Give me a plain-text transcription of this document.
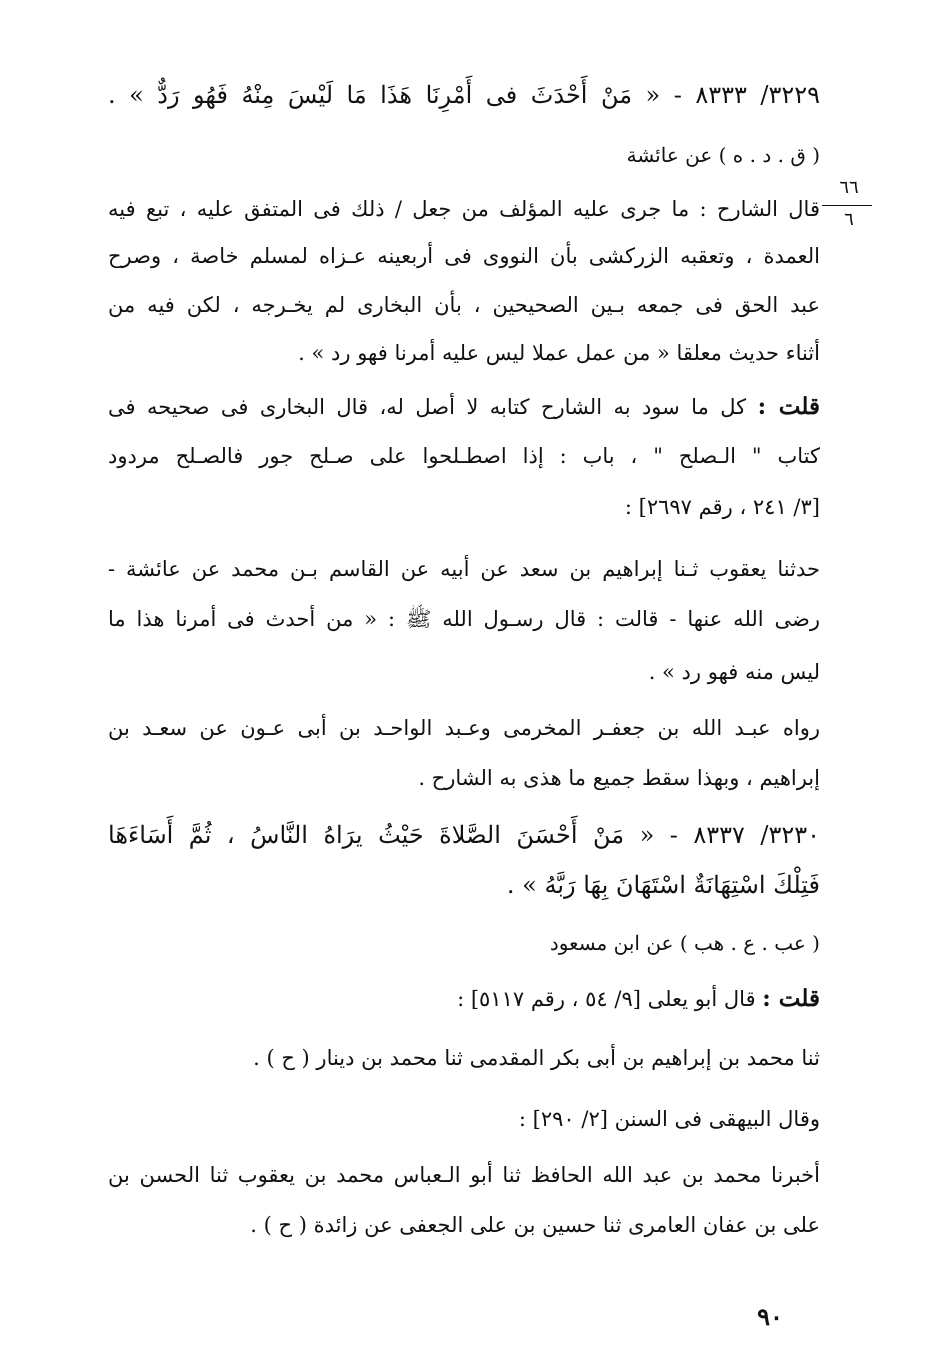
٣٢٢٩/ ٨٣٣٣ - « مَنْ أَحْدَثَ فى أَمْرِنَا هَذَا مَا لَيْسَ مِنْهُ فَهُو رَدٌّ » .
( ق . د . ه ) عن عائشة
٦٦
٦
قال الشارح : ما جرى عليه المؤلف من جعل / ذلك فى المتفق عليه ، تبع فيه
العمدة ، وتعقبه الزركشى بأن النووى فى أربعينه عـزاه لمسلم خاصة ، وصرح
عبد الحق فى جمعه بـين الصحيحين ، بأن البخارى لم يخـرجه ، لكن فيه من
أثناء حديث معلقا « من عمل عملا ليس عليه أمرنا فهو رد » .
قلت : كل ما سود به الشارح كتابه لا أصل له، قال البخارى فى صحيحه فى
كتاب " الـصلح " ، باب : إذا اصطـلحوا على صـلح جور فالصـلح مردود
[٣/ ٢٤١ ، رقم ٢٦٩٧] :
حدثنا يعقوب ثـنا إبراهيم بن سعد عن أبيه عن القاسم بـن محمد عن عائشة -
رضى الله عنها - قالت : قال رسـول الله ﷺ : « من أحدث فى أمرنا هذا ما
ليس منه فهو رد » .
رواه عبـد الله بن جعفـر المخرمى وعـبد الواحـد بن أبى عـون عن سعـد بن
إبراهيم ، وبهذا سقط جميع ما هذى به الشارح .
٣٢٣٠/ ٨٣٣٧ - « مَنْ أَحْسَنَ الصَّلاةَ حَيْثُ يرَاهُ النَّاسُ ، ثُمَّ أَسَاءَهَا
فَتِلْكَ اسْتِهَانَةٌ اسْتَهَانَ بِهَا رَبَّهُ » .
( عب . ع . هب ) عن ابن مسعود
قلت : قال أبو يعلى [٩/ ٥٤ ، رقم ٥١١٧] :
ثنا محمد بن إبراهيم بن أبى بكر المقدمى ثنا محمد بن دينار ( ح ) .
وقال البيهقى فى السنن [٢/ ٢٩٠] :
أخبرنا محمد بن عبد الله الحافظ ثنا أبو الـعباس محمد بن يعقوب ثنا الحسن بن
على بن عفان العامرى ثنا حسين بن على الجعفى عن زائدة ( ح ) .
٩٠
